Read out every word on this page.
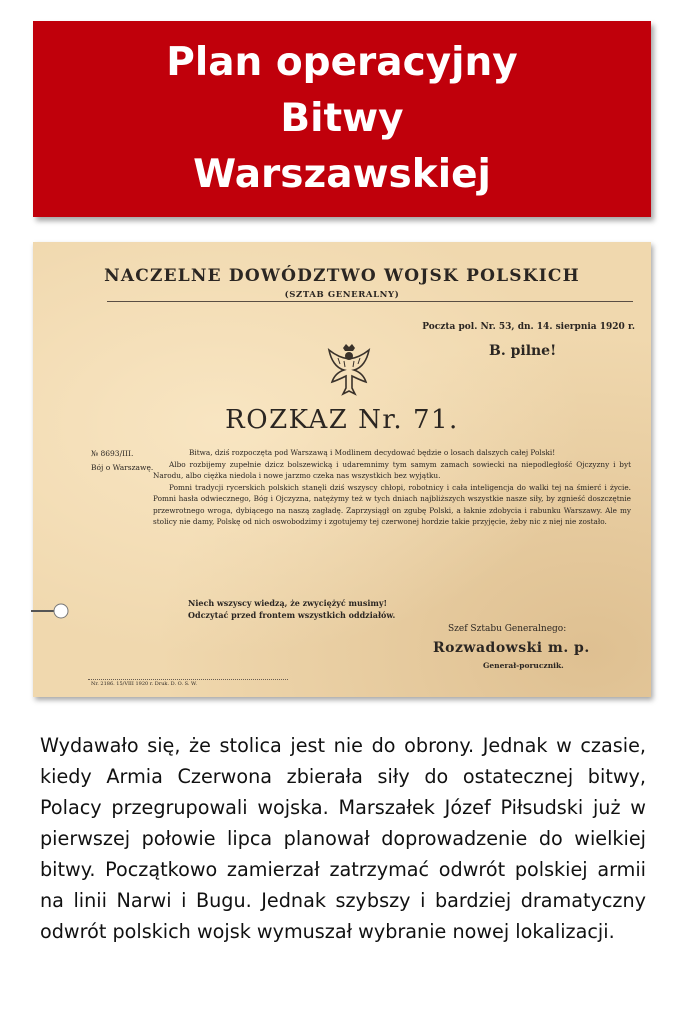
Plan operacyjny
Bitwy
Warszawskiej
NACZELNE DOWÓDZTWO WOJSK POLSKICH
(SZTAB GENERALNY)
Poczta pol. Nr. 53, dn. 14. sierpnia 1920 r.
B. pilne!
ROZKAZ Nr. 71.
№ 8693/III.
Bój o Warszawę.

Bitwa, dziś rozpoczęta pod Warszawą i Modlinem decydować będzie o losach dalszych całej Polski!

Albo rozbijemy zupełnie dzicz bolszewicką i udaremnimy tym samym zamach sowiecki na niepodległość Ojczyzny i byt Narodu, albo ciężka niedola i nowe jarzmo czeka nas wszystkich bez wyjątku.

Pomni tradycji rycerskich polskich stanęli dziś wszyscy chłopi, robotnicy i cała inteligencja do walki tej na śmierć i życie. Pomni hasła odwiecznego, Bóg i Ojczyzna, natężymy też w tych dniach najbliższych wszystkie nasze siły, by zgnieść doszczętnie przewrotnego wroga, dybiącego na naszą zagładę. Zaprzysiągł on zgubę Polski, a łaknie zdobycia i rabunku Warszawy. Ale my stolicy nie damy, Polskę od nich oswobodzimy i zgotujemy tej czerwonej hordzie takie przyjęcie, żeby nic z niej nie zostało.

Niech wszyscy wiedzą, że zwyciężyć musimy!
Odczytać przed frontem wszystkich oddziałów.
Szef Sztabu Generalnego:
Rozwadowski m. p.
Generał-porucznik.
Nr. 2186. 15/VIII 1920 r. Druk. D. O. S. W.
Wydawało się, że stolica jest nie do obrony. Jednak w czasie, kiedy Armia Czerwona zbierała siły do ostatecznej bitwy, Polacy przegrupowali wojska. Marszałek Józef Piłsudski już w pierwszej połowie lipca planował doprowadzenie do wielkiej bitwy. Początkowo zamierzał zatrzymać odwrót polskiej armii na linii Narwi i Bugu. Jednak szybszy i bardziej dramatyczny odwrót polskich wojsk wymuszał wybranie nowej lokalizacji.
